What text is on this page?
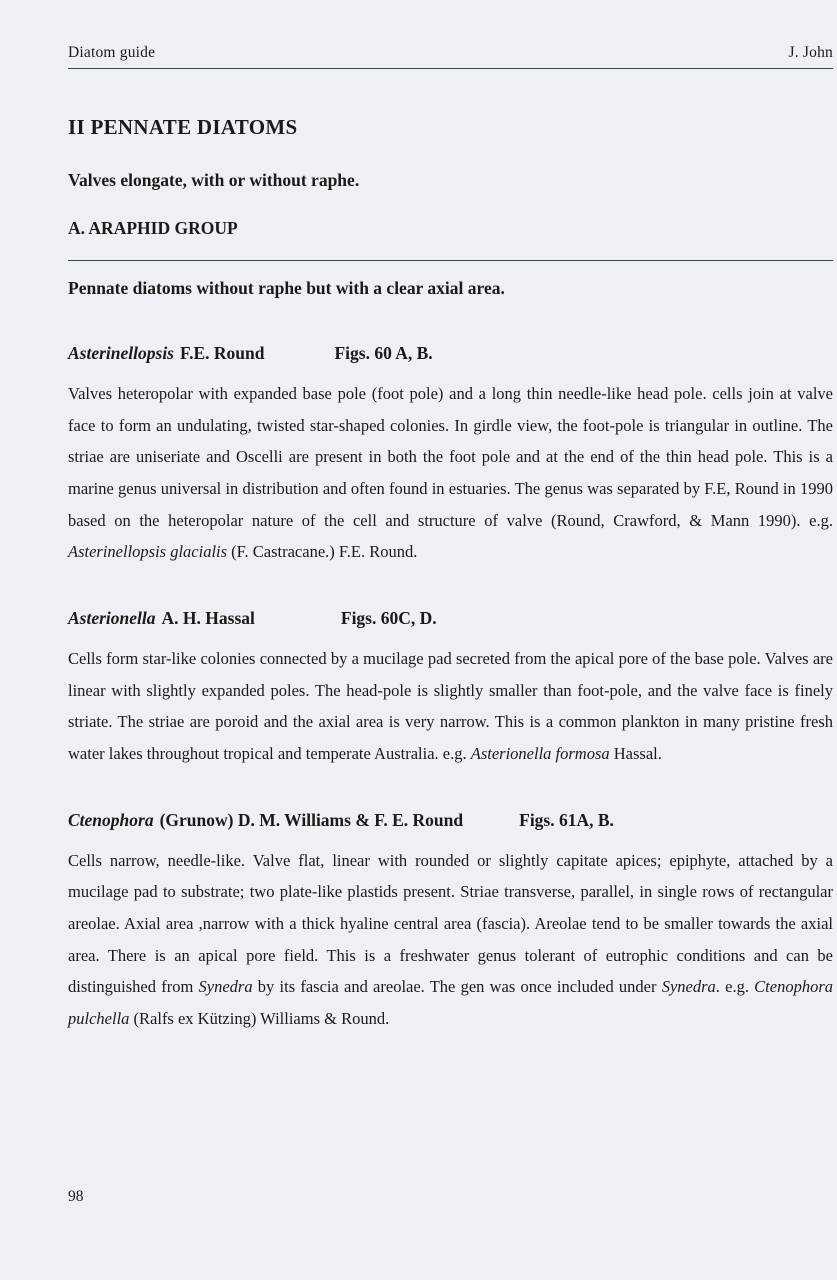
Diatom guide	J. John
II PENNATE DIATOMS
Valves elongate, with or without raphe.
A. ARAPHID GROUP
Pennate diatoms without raphe but with a clear axial area.
Asterinellopsis F.E. Round	Figs. 60 A, B.

Valves heteropolar with expanded base pole (foot pole) and a long thin needle-like head pole. cells join at valve face to form an undulating, twisted star-shaped colonies. In girdle view, the foot-pole is triangular in outline. The striae are uniseriate and Oscelli are present in both the foot pole and at the end of the thin head pole. This is a marine genus universal in distribution and often found in estuaries. The genus was separated by F.E, Round in 1990 based on the heteropolar nature of the cell and structure of valve (Round, Crawford, & Mann 1990). e.g. Asterinellopsis glacialis (F. Castracane.) F.E. Round.

Asterionella A. H. Hassal	Figs. 60C, D.

Cells form star-like colonies connected by a mucilage pad secreted from the apical pore of the base pole. Valves are linear with slightly expanded poles. The head-pole is slightly smaller than foot-pole, and the valve face is finely striate. The striae are poroid and the axial area is very narrow. This is a common plankton in many pristine fresh water lakes throughout tropical and temperate Australia. e.g. Asterionella formosa Hassal.

Ctenophora (Grunow) D. M. Williams & F. E. Round	Figs. 61A, B.

Cells narrow, needle-like. Valve flat, linear with rounded or slightly capitate apices; epiphyte, attached by a mucilage pad to substrate; two plate-like plastids present. Striae transverse, parallel, in single rows of rectangular areolae. Axial area ,narrow with a thick hyaline central area (fascia). Areolae tend to be smaller towards the axial area. There is an apical pore field. This is a freshwater genus tolerant of eutrophic conditions and can be distinguished from Synedra by its fascia and areolae. The gen was once included under Synedra. e.g. Ctenophora pulchella (Ralfs ex Kützing) Williams & Round.

98
